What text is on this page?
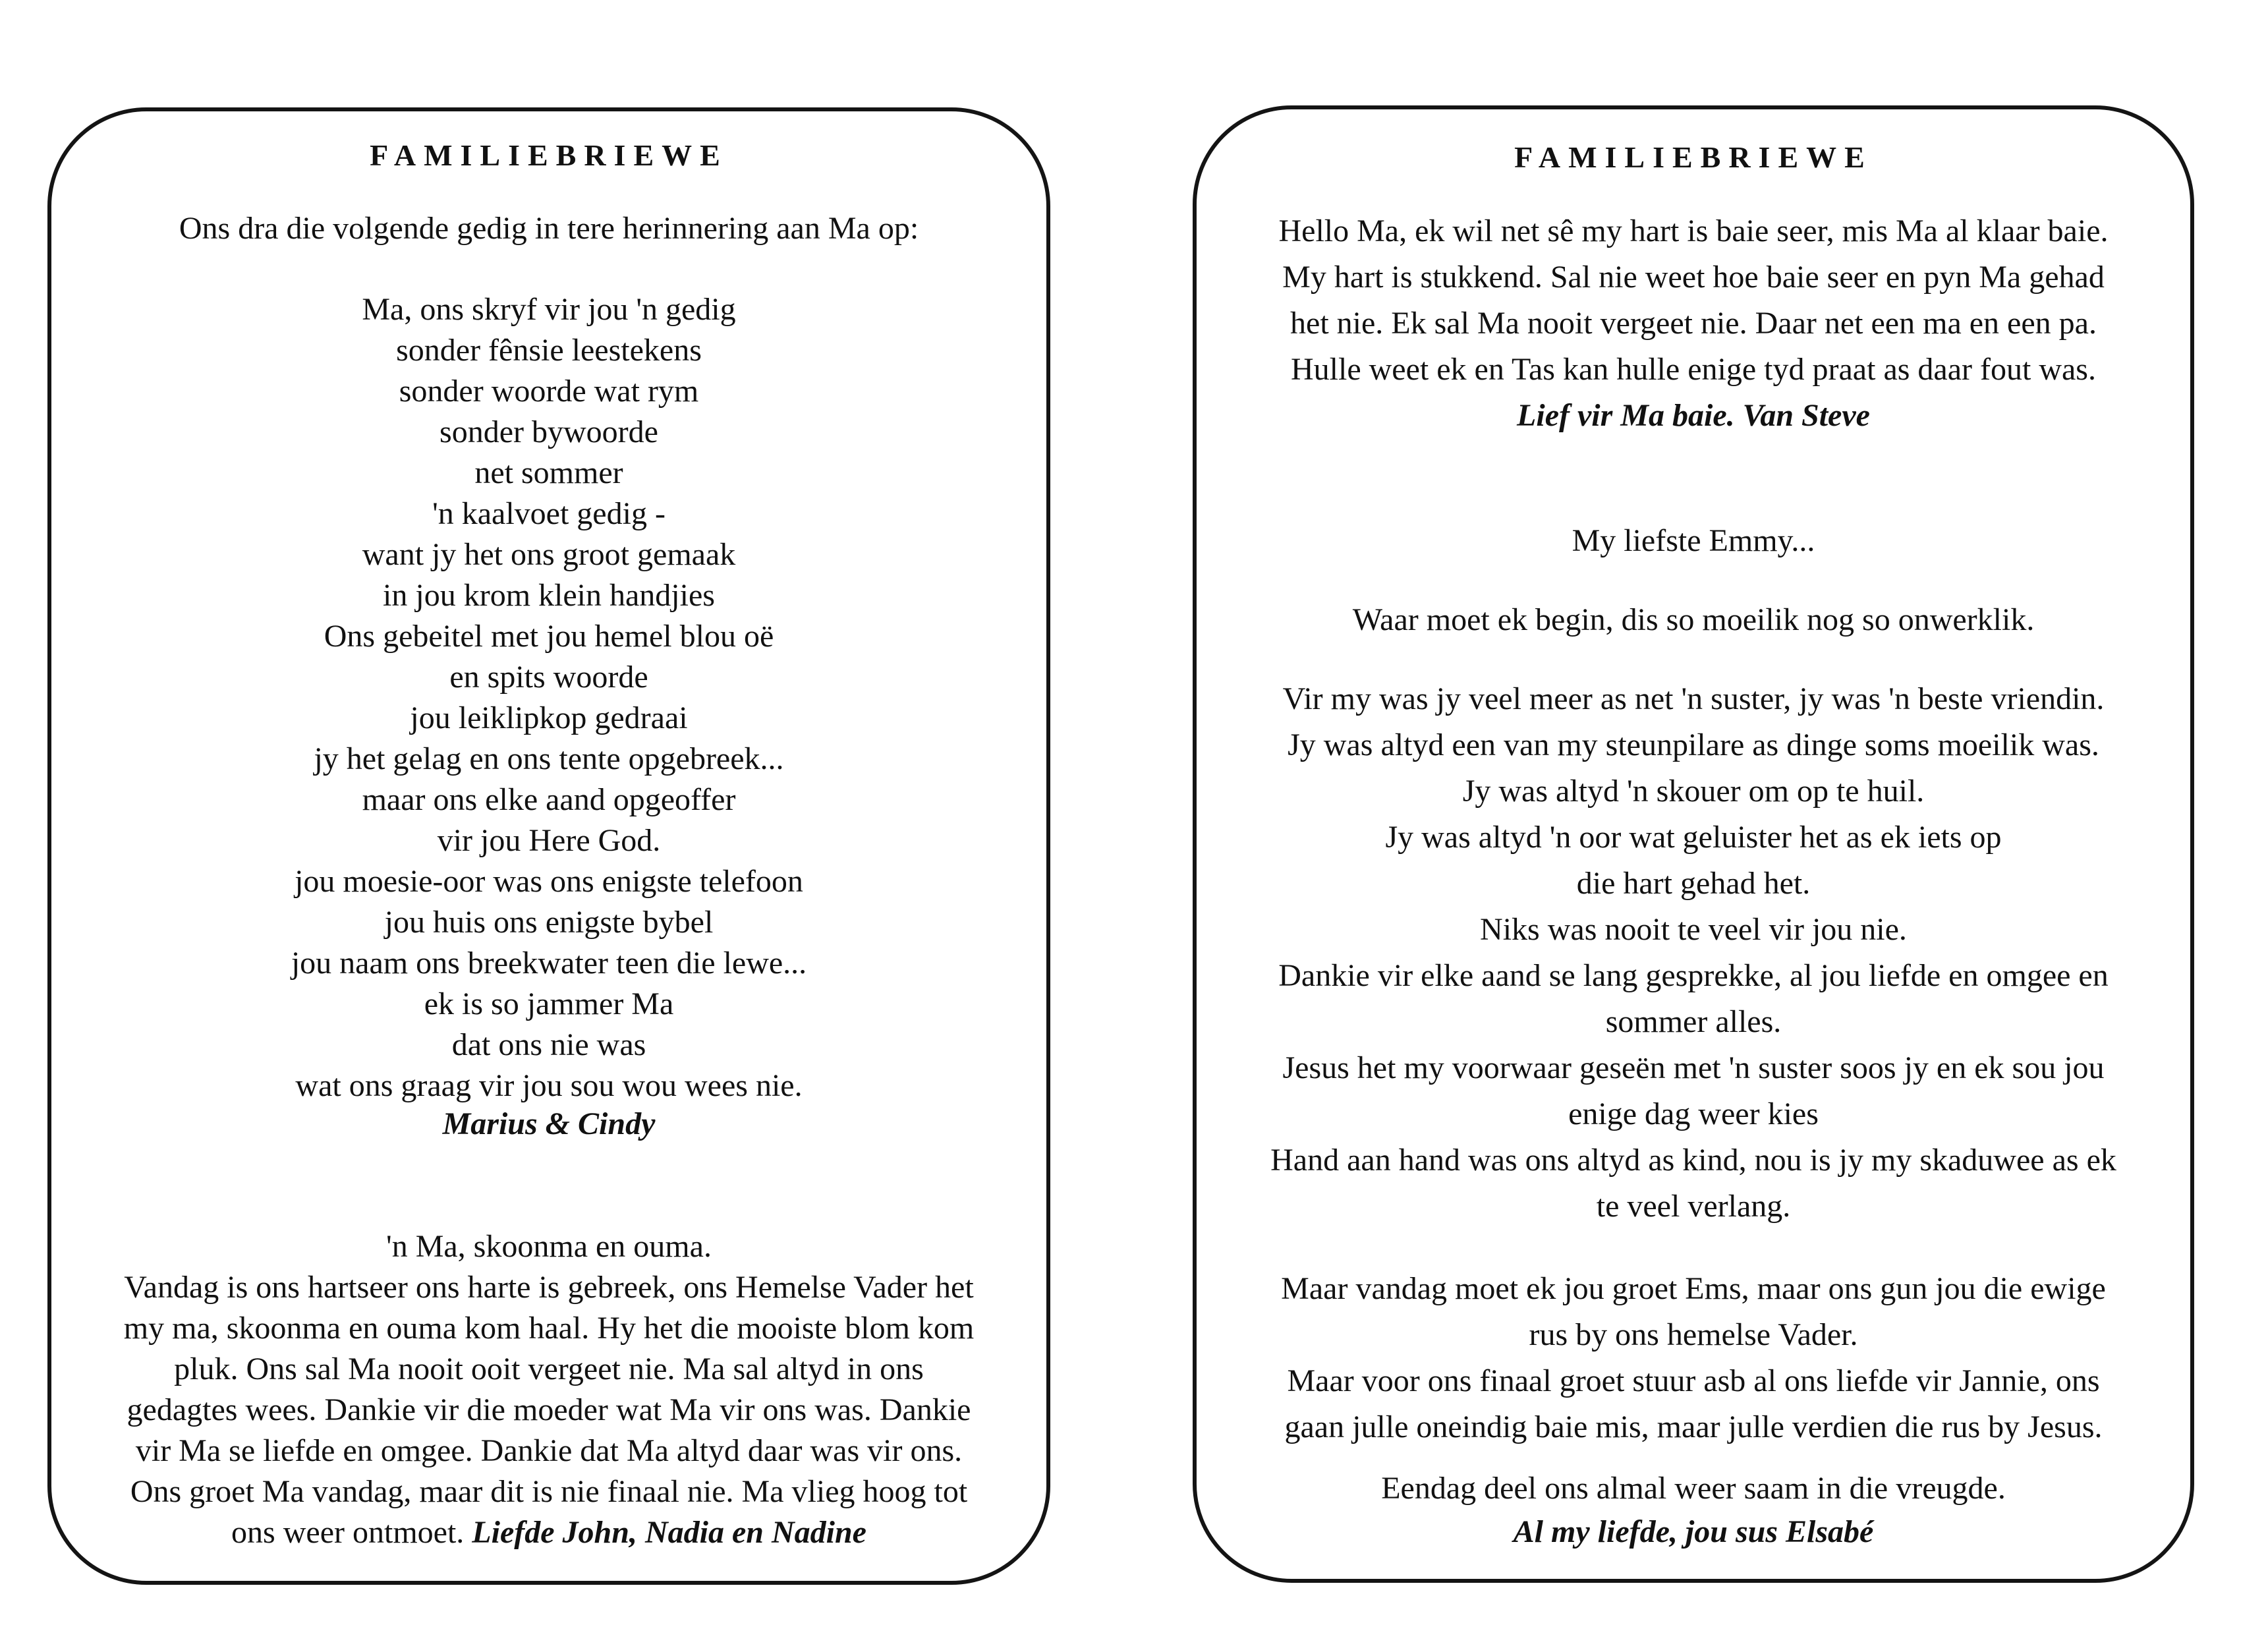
FAMILIEBRIEWE

Ons dra die volgende gedig in tere herinnering aan Ma op:

Ma, ons skryf vir jou 'n gedig
sonder fênsie leestekens
sonder woorde wat rym
sonder bywoorde
net sommer
'n kaalvoet gedig -
want jy het ons groot gemaak
in jou krom klein handjies
Ons gebeitel met jou hemel blou oë
en spits woorde
jou leiklipkop gedraai
jy het gelag en ons tente opgebreek...
maar ons elke aand opgeoffer
vir jou Here God.
jou moesie-oor was ons enigste telefoon
jou huis ons enigste bybel
jou naam ons breekwater teen die lewe...
ek is so jammer Ma
dat ons nie was
wat ons graag vir jou sou wou wees nie.

Marius & Cindy

'n Ma, skoonma en ouma.

Vandag is ons hartseer ons harte is gebreek, ons Hemelse Vader het
my ma, skoonma en ouma kom haal. Hy het die mooiste blom kom
pluk. Ons sal Ma nooit ooit vergeet nie. Ma sal altyd in ons
gedagtes wees. Dankie vir die moeder wat Ma vir ons was. Dankie
vir Ma se liefde en omgee. Dankie dat Ma altyd daar was vir ons.
Ons groet Ma vandag, maar dit is nie finaal nie. Ma vlieg hoog tot

ons weer ontmoet. Liefde John, Nadia en Nadine

FAMILIEBRIEWE

Hello Ma, ek wil net sê my hart is baie seer, mis Ma al klaar baie.
My hart is stukkend. Sal nie weet hoe baie seer en pyn Ma gehad
het nie. Ek sal Ma nooit vergeet nie. Daar net een ma en een pa.
Hulle weet ek en Tas kan hulle enige tyd praat as daar fout was.

Lief vir Ma baie. Van Steve

My liefste Emmy...

Waar moet ek begin, dis so moeilik nog so onwerklik.

Vir my was jy veel meer as net 'n suster, jy was 'n beste vriendin.
Jy was altyd een van my steunpilare as dinge soms moeilik was.
Jy was altyd 'n skouer om op te huil.
Jy was altyd 'n oor wat geluister het as ek iets op
die hart gehad het.
Niks was nooit te veel vir jou nie.
Dankie vir elke aand se lang gesprekke, al jou liefde en omgee en
sommer alles.
Jesus het my voorwaar geseën met 'n suster soos jy en ek sou jou
enige dag weer kies
Hand aan hand was ons altyd as kind, nou is jy my skaduwee as ek
te veel verlang.

Maar vandag moet ek jou groet Ems, maar ons gun jou die ewige
rus by ons hemelse Vader.
Maar voor ons finaal groet stuur asb al ons liefde vir Jannie, ons
gaan julle oneindig baie mis, maar julle verdien die rus by Jesus.

Eendag deel ons almal weer saam in die vreugde.

Al my liefde, jou sus Elsabé
